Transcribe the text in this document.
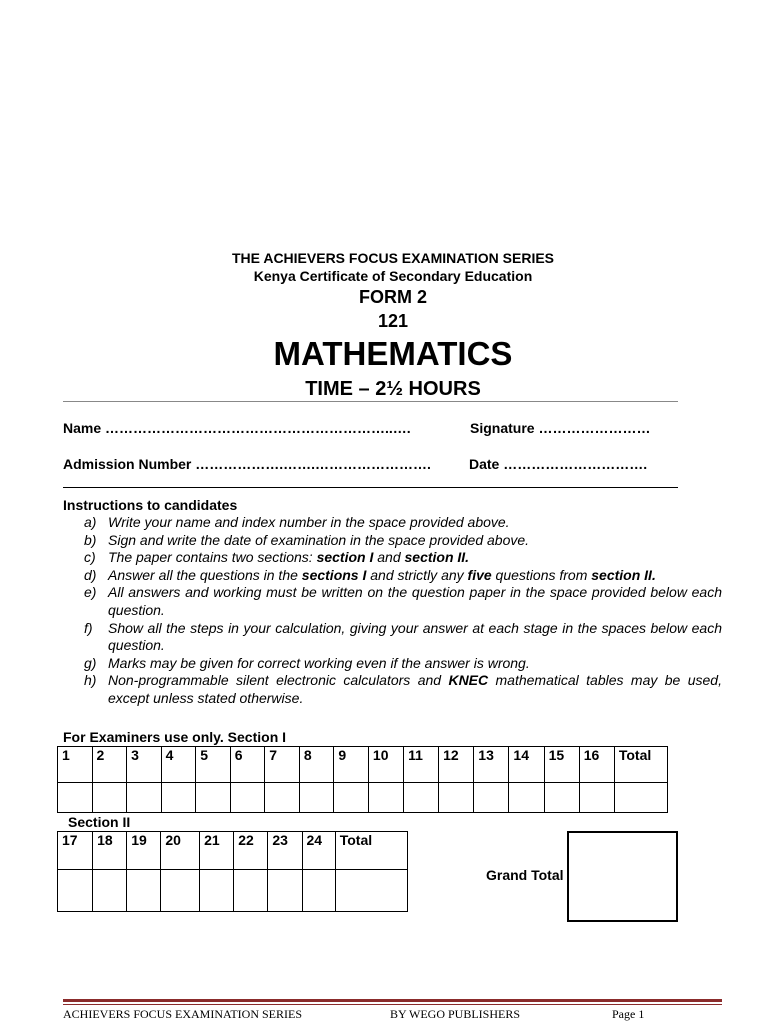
THE ACHIEVERS FOCUS EXAMINATION SERIES
Kenya Certificate of Secondary Education
FORM 2
121
MATHEMATICS
TIME – 2½ HOURS
Name ……………………………………………………..….	Signature ……………………
Admission Number ……………….…….…………………….	Date ………………………….
Instructions to candidates
a) Write your name and index number in the space provided above.
b) Sign and write the date of examination in the space provided above.
c) The paper contains two sections: section I and section II.
d) Answer all the questions in the sections I and strictly any five questions from section II.
e) All answers and working must be written on the question paper in the space provided below each question.
f)	Show all the steps in your calculation, giving your answer at each stage in the spaces below each question.
g) Marks may be given for correct working even if the answer is wrong.
h) Non-programmable silent electronic calculators and KNEC mathematical tables may be used, except unless stated otherwise.
For Examiners use only. Section I
1	2	3	4	5	6	7	8	9	10	11	12	13	14	15	16	Total

Section II
17	18	19	20	21	22	23	24	Total

Grand Total
ACHIEVERS FOCUS EXAMINATION SERIES	BY WEGO PUBLISHERS	Page 1
